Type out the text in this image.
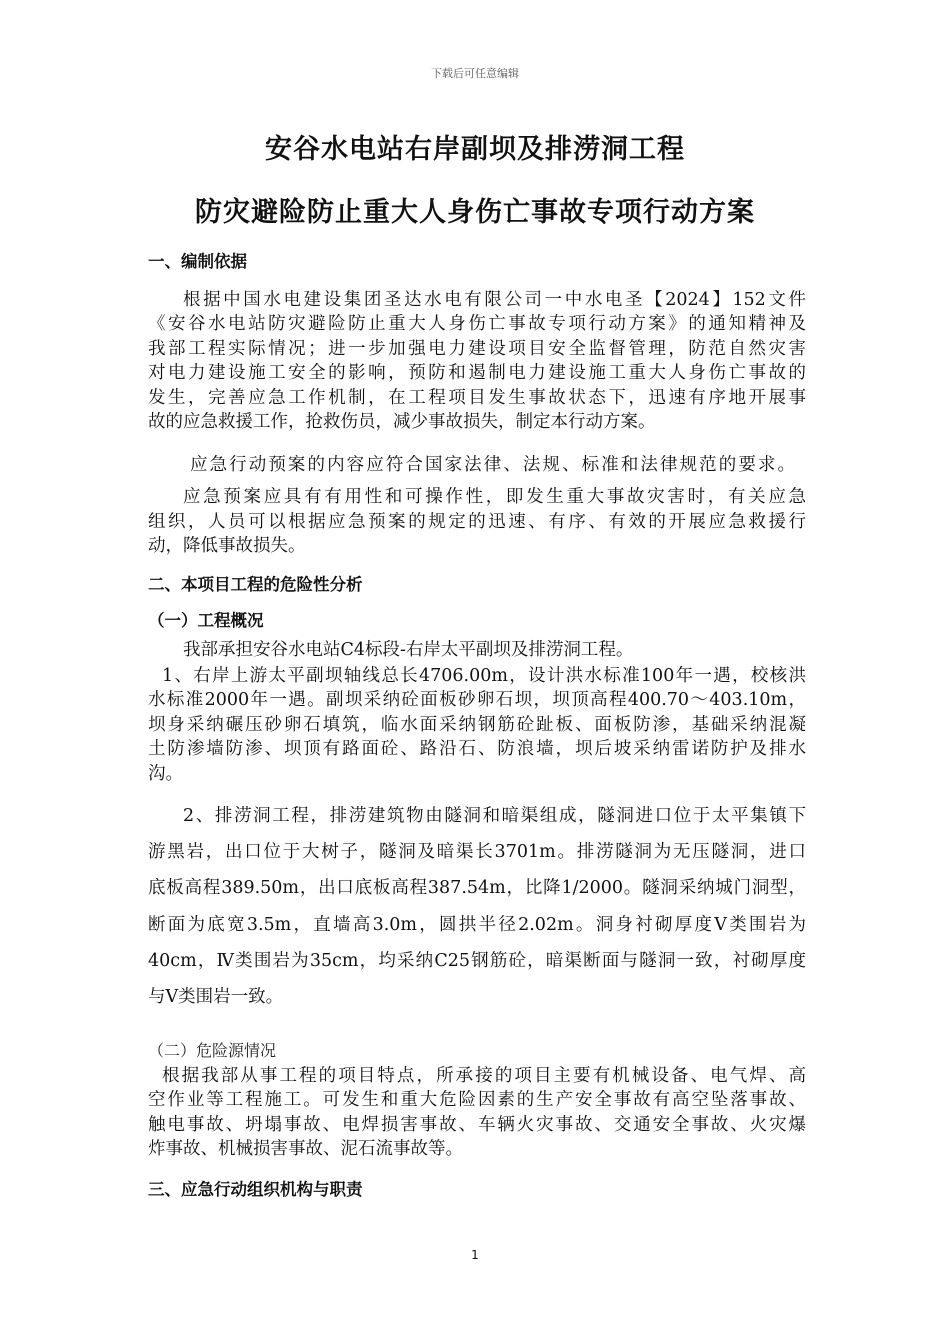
下载后可任意编辑
安谷水电站右岸副坝及排涝洞工程
防灾避险防止重大人身伤亡事故专项行动方案
一、编制依据
根据中国水电建设集团圣达水电有限公司一中水电圣【2024】152文件
《安谷水电站防灾避险防止重大人身伤亡事故专项行动方案》的通知精神及
我部工程实际情况；进一步加强电力建设项目安全监督管理，防范自然灾害
对电力建设施工安全的影响，预防和遏制电力建设施工重大人身伤亡事故的
发生，完善应急工作机制，在工程项目发生事故状态下，迅速有序地开展事
故的应急救援工作，抢救伤员，减少事故损失，制定本行动方案。
应急行动预案的内容应符合国家法律、法规、标准和法律规范的要求。
应急预案应具有有用性和可操作性，即发生重大事故灾害时，有关应急
组织，人员可以根据应急预案的规定的迅速、有序、有效的开展应急救援行
动，降低事故损失。
二、本项目工程的危险性分析
（一）工程概况
我部承担安谷水电站C4标段-右岸太平副坝及排涝洞工程。
1、右岸上游太平副坝轴线总长4706.00m，设计洪水标准100年一遇，校核洪
水标准2000年一遇。副坝采纳砼面板砂卵石坝，坝顶高程400.70～403.10m，
坝身采纳碾压砂卵石填筑，临水面采纳钢筋砼趾板、面板防渗，基础采纳混凝
土防渗墙防渗、坝顶有路面砼、路沿石、防浪墙，坝后坡采纳雷诺防护及排水
沟。
2、排涝洞工程，排涝建筑物由隧洞和暗渠组成，隧洞进口位于太平集镇下
游黑岩，出口位于大树子，隧洞及暗渠长3701m。排涝隧洞为无压隧洞，进口
底板高程389.50m，出口底板高程387.54m，比降1/2000。隧洞采纳城门洞型，
断面为底宽3.5m，直墙高3.0m，圆拱半径2.02m。洞身衬砌厚度Ⅴ类围岩为
40cm，Ⅳ类围岩为35cm，均采纳C25钢筋砼，暗渠断面与隧洞一致，衬砌厚度
与Ⅴ类围岩一致。
（二）危险源情况
根据我部从事工程的项目特点，所承接的项目主要有机械设备、电气焊、高
空作业等工程施工。可发生和重大危险因素的生产安全事故有高空坠落事故、
触电事故、坍塌事故、电焊损害事故、车辆火灾事故、交通安全事故、火灾爆
炸事故、机械损害事故、泥石流事故等。
三、应急行动组织机构与职责
1
